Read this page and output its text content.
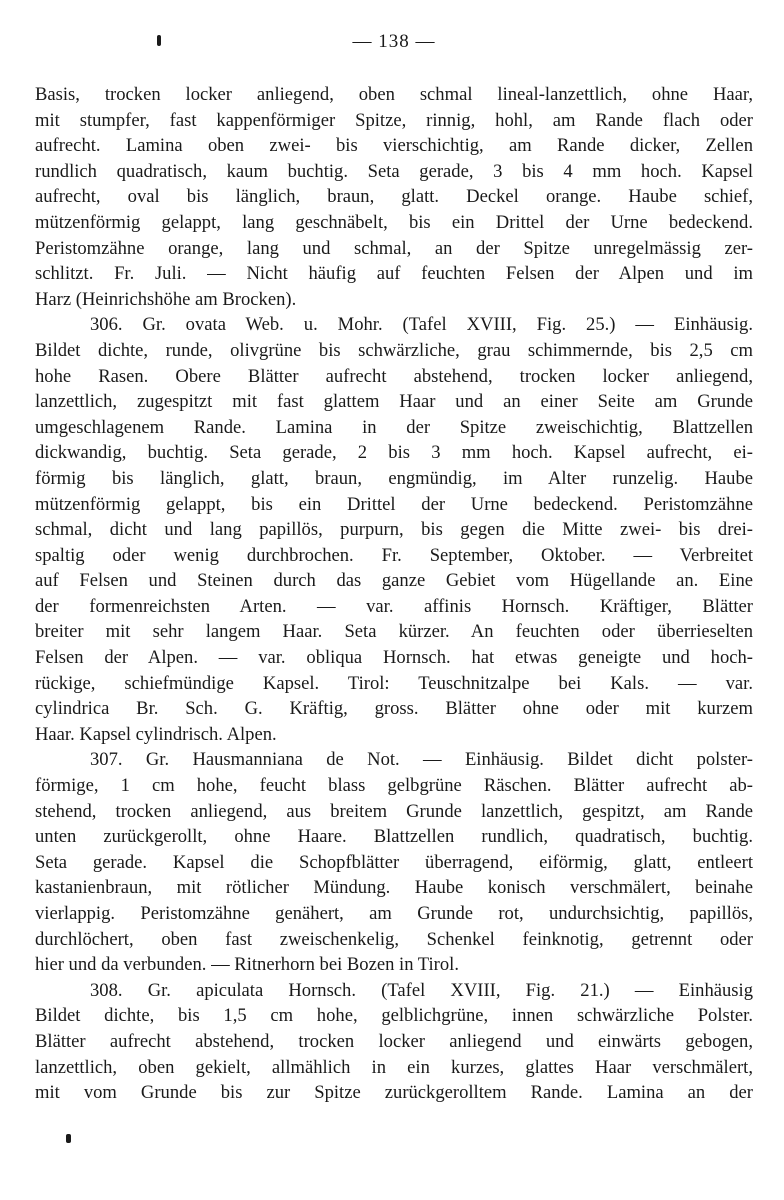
— 138 —
Basis, trocken locker anliegend, oben schmal lineal-lanzettlich, ohne Haar,
mit stumpfer, fast kappenförmiger Spitze, rinnig, hohl, am Rande flach oder
aufrecht. Lamina oben zwei- bis vierschichtig, am Rande dicker, Zellen
rundlich quadratisch, kaum buchtig. Seta gerade, 3 bis 4 mm hoch. Kapsel
aufrecht, oval bis länglich, braun, glatt. Deckel orange. Haube schief,
mützenförmig gelappt, lang geschnäbelt, bis ein Drittel der Urne bedeckend.
Peristomzähne orange, lang und schmal, an der Spitze unregelmässig zer-
schlitzt. Fr. Juli. — Nicht häufig auf feuchten Felsen der Alpen und im
Harz (Heinrichshöhe am Brocken).
306. Gr. ovata Web. u. Mohr. (Tafel XVIII, Fig. 25.) — Einhäusig.
Bildet dichte, runde, olivgrüne bis schwärzliche, grau schimmernde, bis 2,5 cm
hohe Rasen. Obere Blätter aufrecht abstehend, trocken locker anliegend,
lanzettlich, zugespitzt mit fast glattem Haar und an einer Seite am Grunde
umgeschlagenem Rande. Lamina in der Spitze zweischichtig, Blattzellen
dickwandig, buchtig. Seta gerade, 2 bis 3 mm hoch. Kapsel aufrecht, ei-
förmig bis länglich, glatt, braun, engmündig, im Alter runzelig. Haube
mützenförmig gelappt, bis ein Drittel der Urne bedeckend. Peristomzähne
schmal, dicht und lang papillös, purpurn, bis gegen die Mitte zwei- bis drei-
spaltig oder wenig durchbrochen. Fr. September, Oktober. — Verbreitet
auf Felsen und Steinen durch das ganze Gebiet vom Hügellande an. Eine
der formenreichsten Arten. — var. affinis Hornsch. Kräftiger, Blätter
breiter mit sehr langem Haar. Seta kürzer. An feuchten oder überrieselten
Felsen der Alpen. — var. obliqua Hornsch. hat etwas geneigte und hoch-
rückige, schiefmündige Kapsel. Tirol: Teuschnitzalpe bei Kals. — var.
cylindrica Br. Sch. G. Kräftig, gross. Blätter ohne oder mit kurzem
Haar. Kapsel cylindrisch. Alpen.
307. Gr. Hausmanniana de Not. — Einhäusig. Bildet dicht polster-
förmige, 1 cm hohe, feucht blass gelbgrüne Räschen. Blätter aufrecht ab-
stehend, trocken anliegend, aus breitem Grunde lanzettlich, gespitzt, am Rande
unten zurückgerollt, ohne Haare. Blattzellen rundlich, quadratisch, buchtig.
Seta gerade. Kapsel die Schopfblätter überragend, eiförmig, glatt, entleert
kastanienbraun, mit rötlicher Mündung. Haube konisch verschmälert, beinahe
vierlappig. Peristomzähne genähert, am Grunde rot, undurchsichtig, papillös,
durchlöchert, oben fast zweischenkelig, Schenkel feinknotig, getrennt oder
hier und da verbunden. — Ritnerhorn bei Bozen in Tirol.
308. Gr. apiculata Hornsch. (Tafel XVIII, Fig. 21.) — Einhäusig
Bildet dichte, bis 1,5 cm hohe, gelblichgrüne, innen schwärzliche Polster.
Blätter aufrecht abstehend, trocken locker anliegend und einwärts gebogen,
lanzettlich, oben gekielt, allmählich in ein kurzes, glattes Haar verschmälert,
mit vom Grunde bis zur Spitze zurückgerolltem Rande. Lamina an der
